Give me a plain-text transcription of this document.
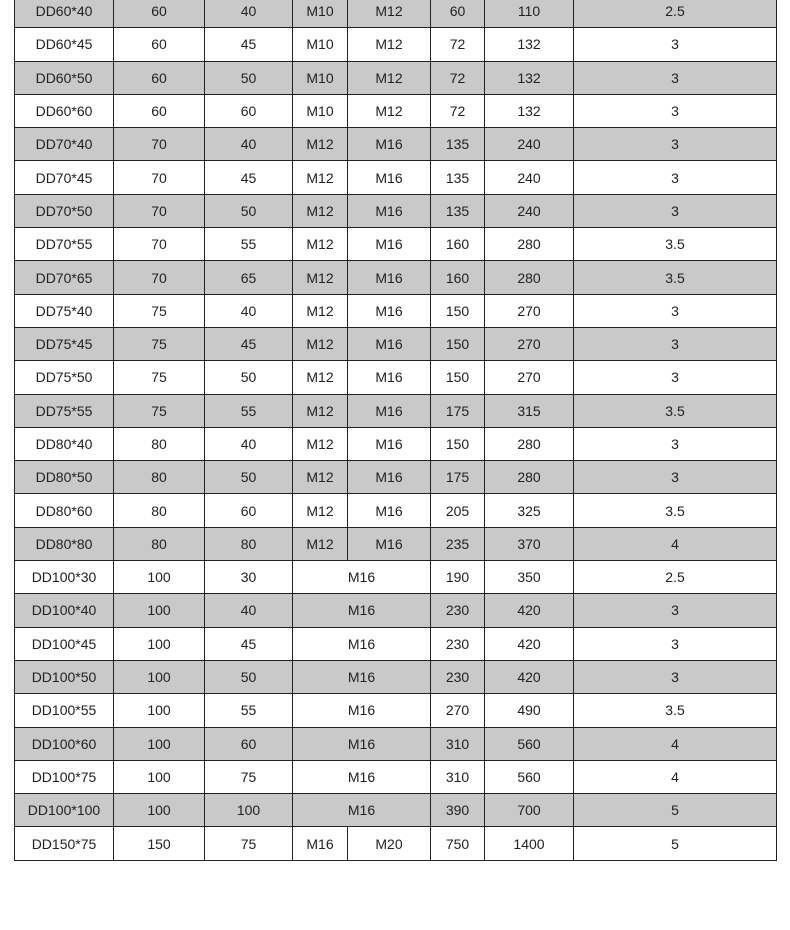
DD60*40	60	40	M10	M12	60	110	2.5
DD60*45	60	45	M10	M12	72	132	3
DD60*50	60	50	M10	M12	72	132	3
DD60*60	60	60	M10	M12	72	132	3
DD70*40	70	40	M12	M16	135	240	3
DD70*45	70	45	M12	M16	135	240	3
DD70*50	70	50	M12	M16	135	240	3
DD70*55	70	55	M12	M16	160	280	3.5
DD70*65	70	65	M12	M16	160	280	3.5
DD75*40	75	40	M12	M16	150	270	3
DD75*45	75	45	M12	M16	150	270	3
DD75*50	75	50	M12	M16	150	270	3
DD75*55	75	55	M12	M16	175	315	3.5
DD80*40	80	40	M12	M16	150	280	3
DD80*50	80	50	M12	M16	175	280	3
DD80*60	80	60	M12	M16	205	325	3.5
DD80*80	80	80	M12	M16	235	370	4
DD100*30	100	30	M16		190	350	2.5
DD100*40	100	40	M16		230	420	3
DD100*45	100	45	M16		230	420	3
DD100*50	100	50	M16		230	420	3
DD100*55	100	55	M16		270	490	3.5
DD100*60	100	60	M16		310	560	4
DD100*75	100	75	M16		310	560	4
DD100*100	100	100	M16		390	700	5
DD150*75	150	75	M16	M20	750	1400	5
